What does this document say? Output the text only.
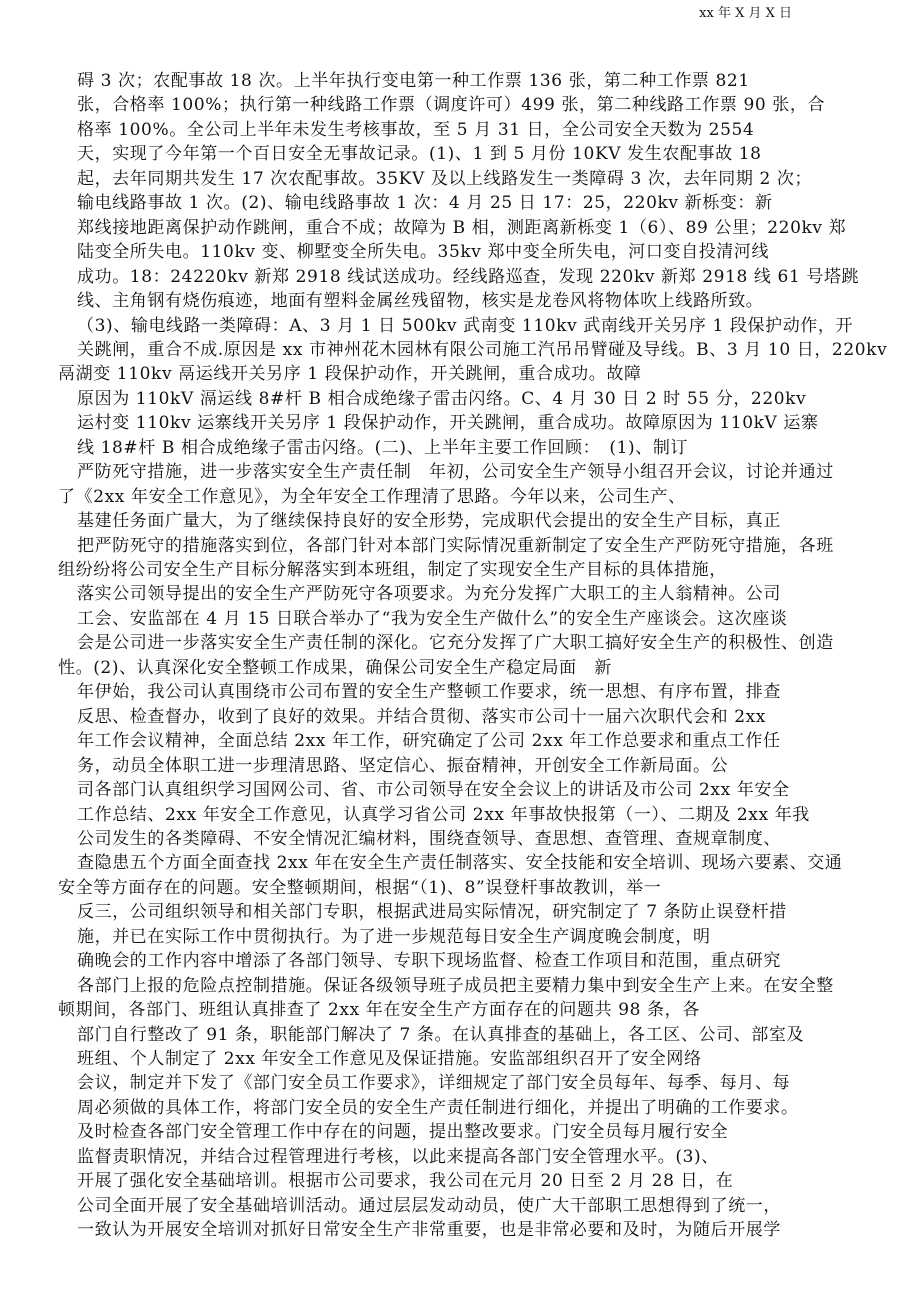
xx 年 X 月 X 日
碍 3 次；农配事故 18 次。上半年执行变电第一种工作票 136 张，第二种工作票 821
张，合格率 100%；执行第一种线路工作票（调度许可）499 张，第二种线路工作票 90 张，合
格率 100%。全公司上半年未发生考核事故，至 5 月 31 日，全公司安全天数为 2554
天，实现了今年第一个百日安全无事故记录。(1)、1 到 5 月份 10KV 发生农配事故 18
起，去年同期共发生 17 次农配事故。35KV 及以上线路发生一类障碍 3 次，去年同期 2 次；
输电线路事故 1 次。(2)、输电线路事故 1 次：4 月 25 日 17：25，220kv 新栎变：新
郑线接地距离保护动作跳闸，重合不成；故障为 B 相，测距离新栎变 1（6）、89 公里；220kv 郑
陆变全所失电。110kv 变、柳墅变全所失电。35kv 郑中变全所失电，河口变自投清河线
成功。18：24220kv 新郑 2918 线试送成功。经线路巡查，发现 220kv 新郑 2918 线 61 号塔跳
线、主角钢有烧伤痕迹，地面有塑料金属丝残留物，核实是龙卷风将物体吹上线路所致。
（3)、输电线路一类障碍：A、3 月 1 日 500kv 武南变 110kv 武南线开关另序 1 段保护动作，开
关跳闸，重合不成.原因是 xx 市神州花木园林有限公司施工汽吊吊臂碰及导线。B、3 月 10 日，220kv
鬲湖变 110kv 鬲运线开关另序 1 段保护动作，开关跳闸，重合成功。故障
原因为 110kV 滆运线 8#杆 B 相合成绝缘子雷击闪络。C、4 月 30 日 2 时 55 分，220kv
运村变 110kv 运寨线开关另序 1 段保护动作，开关跳闸，重合成功。故障原因为 110kV 运寨
线 18#杆 B 相合成绝缘子雷击闪络。(二)、上半年主要工作回顾：　(1)、制订
严防死守措施，进一步落实安全生产责任制　年初，公司安全生产领导小组召开会议，讨论并通过
了《2xx 年安全工作意见》，为全年安全工作理清了思路。今年以来，公司生产、
基建任务面广量大，为了继续保持良好的安全形势，完成职代会提出的安全生产目标，真正
把严防死守的措施落实到位，各部门针对本部门实际情况重新制定了安全生产严防死守措施，各班
组纷纷将公司安全生产目标分解落实到本班组，制定了实现安全生产目标的具体措施，
落实公司领导提出的安全生产严防死守各项要求。为充分发挥广大职工的主人翁精神。公司
工会、安监部在 4 月 15 日联合举办了“我为安全生产做什么”的安全生产座谈会。这次座谈
会是公司进一步落实安全生产责任制的深化。它充分发挥了广大职工搞好安全生产的积极性、创造
性。(2)、认真深化安全整顿工作成果，确保公司安全生产稳定局面　新
年伊始，我公司认真围绕市公司布置的安全生产整顿工作要求，统一思想、有序布置，排查
反思、检查督办，收到了良好的效果。并结合贯彻、落实市公司十一届六次职代会和 2xx
年工作会议精神，全面总结 2xx 年工作，研究确定了公司 2xx 年工作总要求和重点工作任
务，动员全体职工进一步理清思路、坚定信心、振奋精神，开创安全工作新局面。公
司各部门认真组织学习国网公司、省、市公司领导在安全会议上的讲话及市公司 2xx 年安全
工作总结、2xx 年安全工作意见，认真学习省公司 2xx 年事故快报第（一）、二期及 2xx 年我
公司发生的各类障碍、不安全情况汇编材料，围绕查领导、查思想、查管理、查规章制度、
查隐患五个方面全面查找 2xx 年在安全生产责任制落实、安全技能和安全培训、现场六要素、交通
安全等方面存在的问题。安全整顿期间，根据“（1)、8”误登杆事故教训，举一
反三，公司组织领导和相关部门专职，根据武进局实际情况，研究制定了 7 条防止误登杆措
施，并已在实际工作中贯彻执行。为了进一步规范每日安全生产调度晚会制度，明
确晚会的工作内容中增添了各部门领导、专职下现场监督、检查工作项目和范围，重点研究
各部门上报的危险点控制措施。保证各级领导班子成员把主要精力集中到安全生产上来。在安全整
顿期间，各部门、班组认真排查了 2xx 年在安全生产方面存在的问题共 98 条，各
部门自行整改了 91 条，职能部门解决了 7 条。在认真排查的基础上，各工区、公司、部室及
班组、个人制定了 2xx 年安全工作意见及保证措施。安监部组织召开了安全网络
会议，制定并下发了《部门安全员工作要求》，详细规定了部门安全员每年、每季、每月、每
周必须做的具体工作，将部门安全员的安全生产责任制进行细化，并提出了明确的工作要求。
及时检查各部门安全管理工作中存在的问题，提出整改要求。门安全员每月履行安全
监督责职情况，并结合过程管理进行考核，以此来提高各部门安全管理水平。(3)、
开展了强化安全基础培训。根据市公司要求，我公司在元月 20 日至 2 月 28 日，在
公司全面开展了安全基础培训活动。通过层层发动动员，使广大干部职工思想得到了统一，
一致认为开展安全培训对抓好日常安全生产非常重要，也是非常必要和及时，为随后开展学
